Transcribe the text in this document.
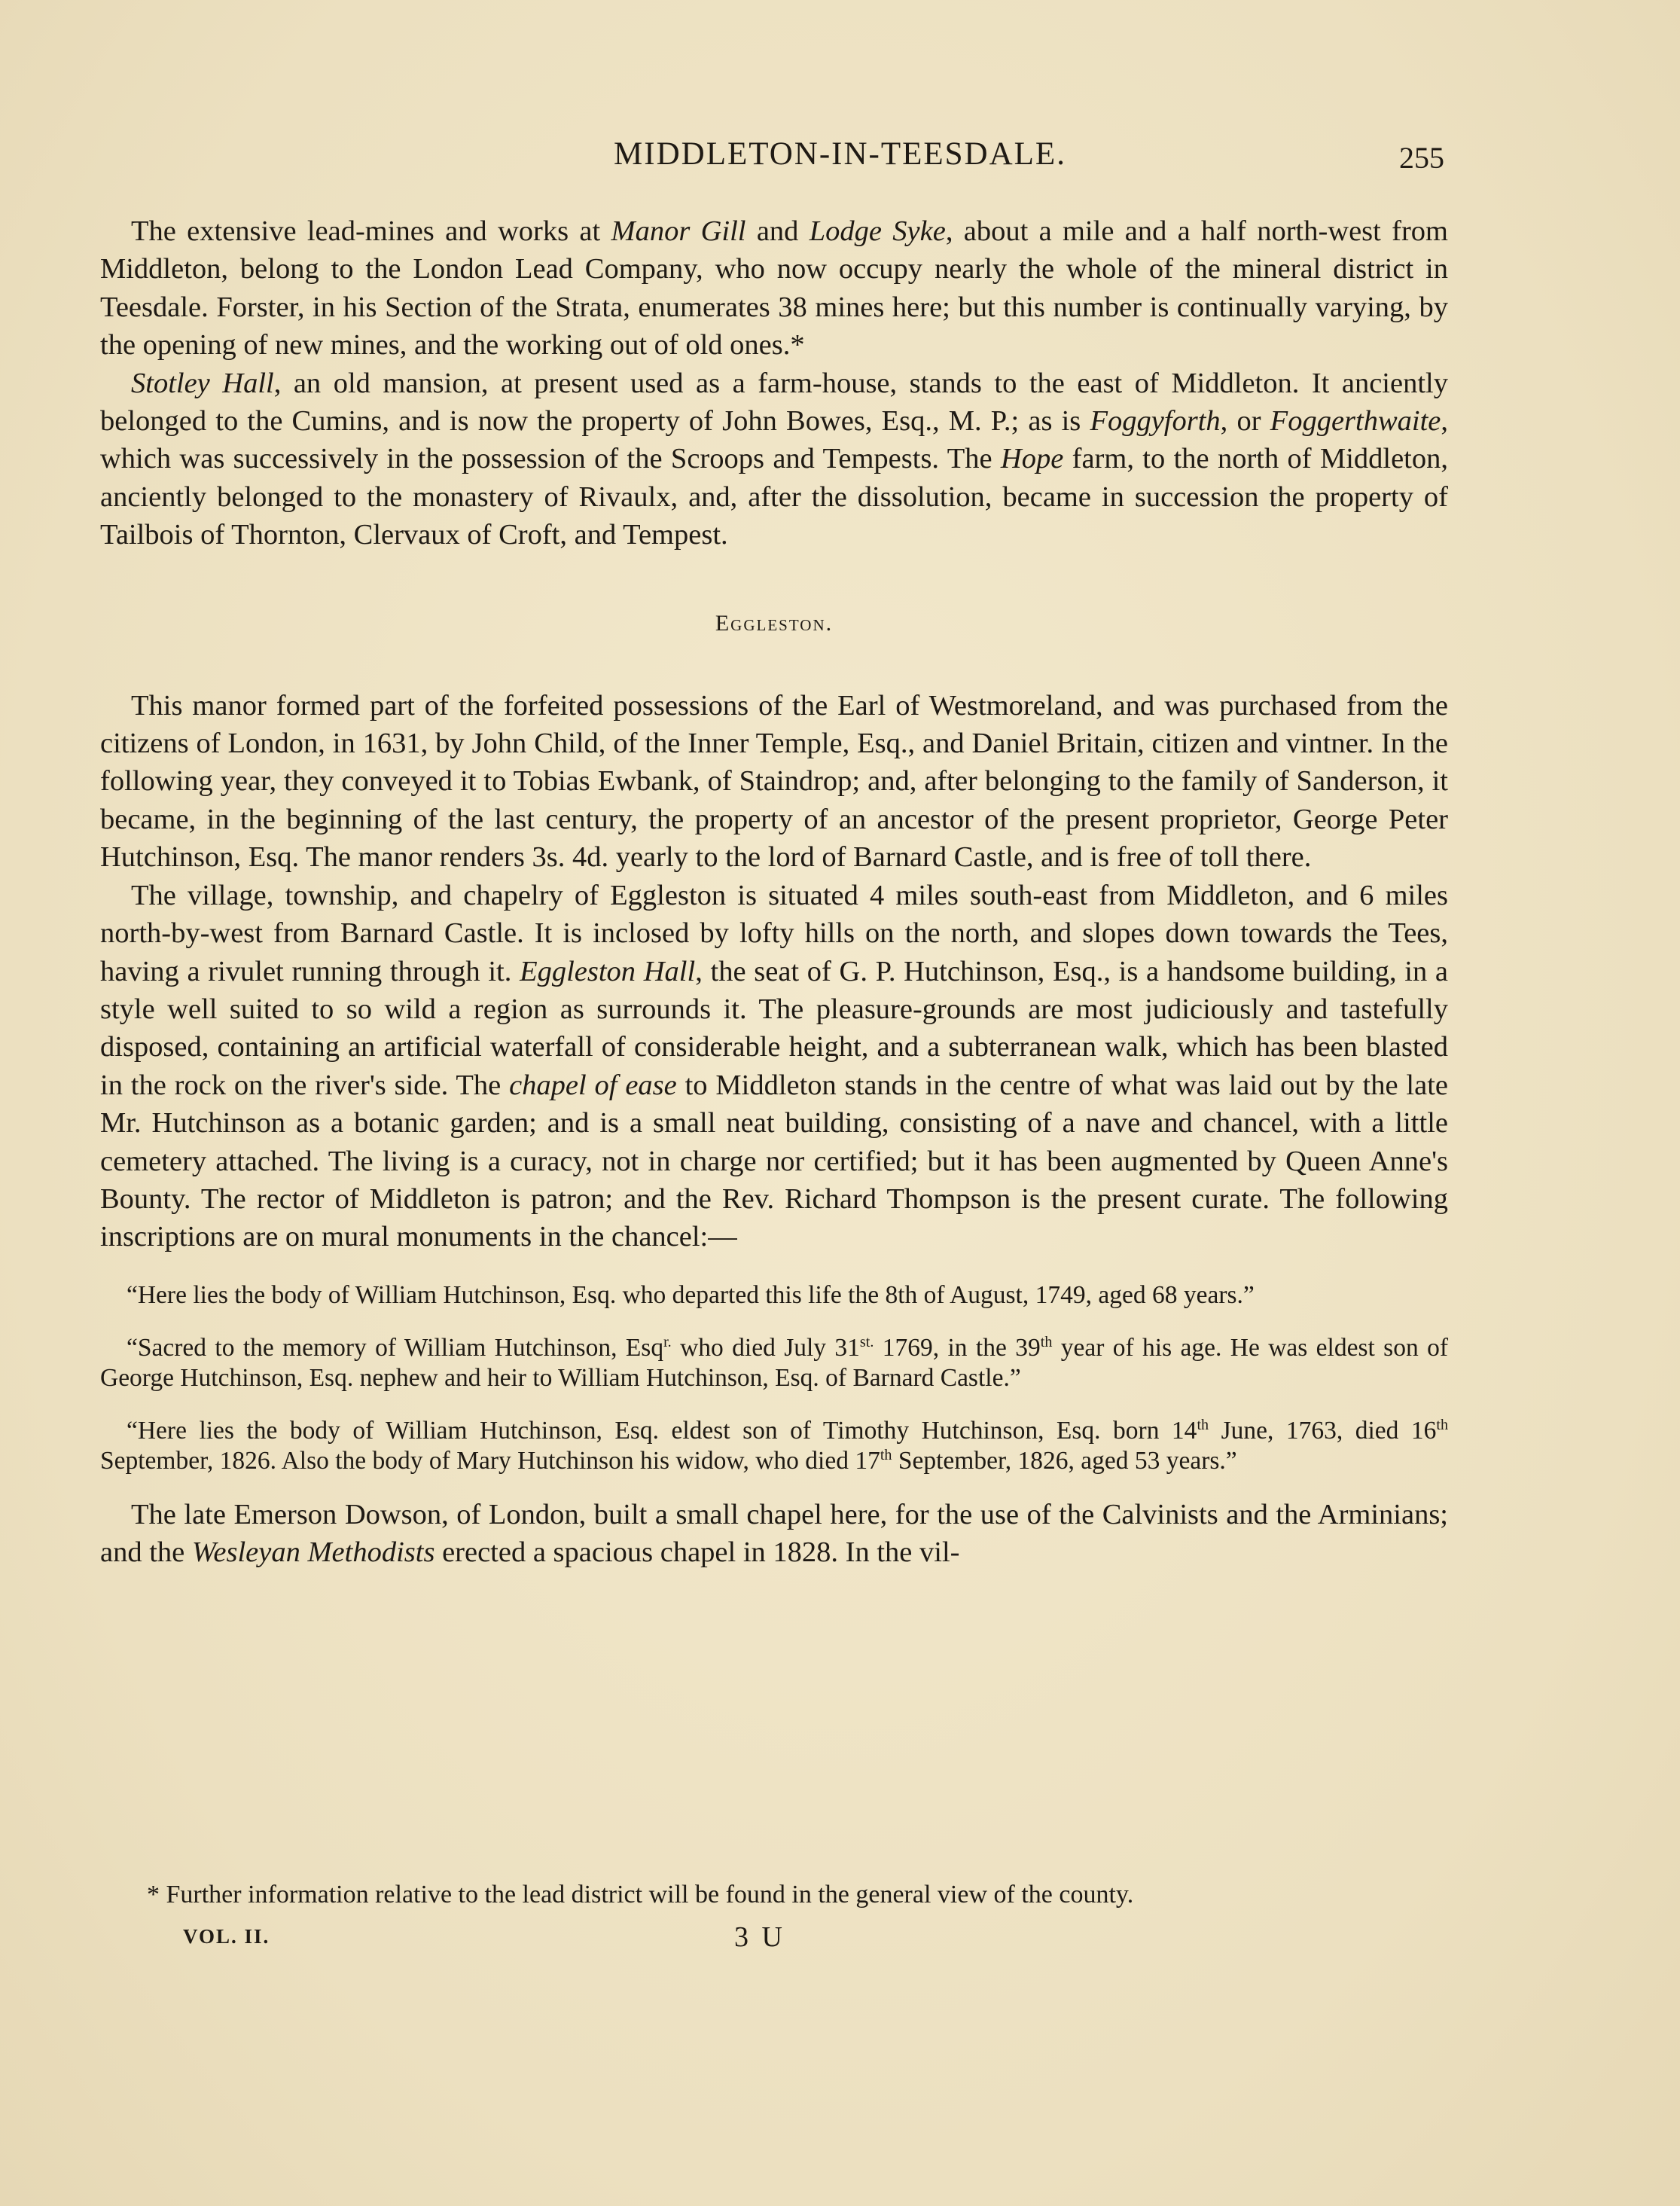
MIDDLETON-IN-TEESDALE.	255

The extensive lead-mines and works at Manor Gill and Lodge Syke, about a mile and a half north-west from Middleton, belong to the London Lead Company, who now occupy nearly the whole of the mineral district in Teesdale. Forster, in his Section of the Strata, enumerates 38 mines here; but this number is continually varying, by the opening of new mines, and the working out of old ones.*

Stotley Hall, an old mansion, at present used as a farm-house, stands to the east of Middleton. It anciently belonged to the Cumins, and is now the property of John Bowes, Esq., M. P.; as is Foggyforth, or Foggerthwaite, which was successively in the possession of the Scroops and Tempests. The Hope farm, to the north of Middleton, anciently belonged to the monastery of Rivaulx, and, after the dissolution, became in succession the property of Tailbois of Thornton, Clervaux of Croft, and Tempest.

Eggleston.

This manor formed part of the forfeited possessions of the Earl of Westmoreland, and was purchased from the citizens of London, in 1631, by John Child, of the Inner Temple, Esq., and Daniel Britain, citizen and vintner. In the following year, they conveyed it to Tobias Ewbank, of Staindrop; and, after belonging to the family of Sanderson, it became, in the beginning of the last century, the property of an ancestor of the present proprietor, George Peter Hutchinson, Esq. The manor renders 3s. 4d. yearly to the lord of Barnard Castle, and is free of toll there.

The village, township, and chapelry of Eggleston is situated 4 miles south-east from Middleton, and 6 miles north-by-west from Barnard Castle. It is inclosed by lofty hills on the north, and slopes down towards the Tees, having a rivulet running through it. Eggleston Hall, the seat of G. P. Hutchinson, Esq., is a handsome building, in a style well suited to so wild a region as surrounds it. The pleasure-grounds are most judiciously and tastefully disposed, containing an artificial waterfall of considerable height, and a subterranean walk, which has been blasted in the rock on the river's side. The chapel of ease to Middleton stands in the centre of what was laid out by the late Mr. Hutchinson as a botanic garden; and is a small neat building, consisting of a nave and chancel, with a little cemetery attached. The living is a curacy, not in charge nor certified; but it has been augmented by Queen Anne's Bounty. The rector of Middleton is patron; and the Rev. Richard Thompson is the present curate. The following inscriptions are on mural monuments in the chancel:—

“Here lies the body of William Hutchinson, Esq. who departed this life the 8th of August, 1749, aged 68 years.”

“Sacred to the memory of William Hutchinson, Esq$^{r.}$ who died July $31^{st.}$ 1769, in the 39th year of his age. He was eldest son of George Hutchinson, Esq. nephew and heir to William Hutchinson, Esq. of Barnard Castle.”

“Here lies the body of William Hutchinson, Esq. eldest son of Timothy Hutchinson, Esq. born 14th June, 1763, died 16th September, 1826. Also the body of Mary Hutchinson his widow, who died 17th September, 1826, aged 53 years.”

The late Emerson Dowson, of London, built a small chapel here, for the use of the Calvinists and the Arminians; and the Wesleyan Methodists erected a spacious chapel in 1828. In the vil-

* Further information relative to the lead district will be found in the general view of the county.
VOL. II.	3 U
